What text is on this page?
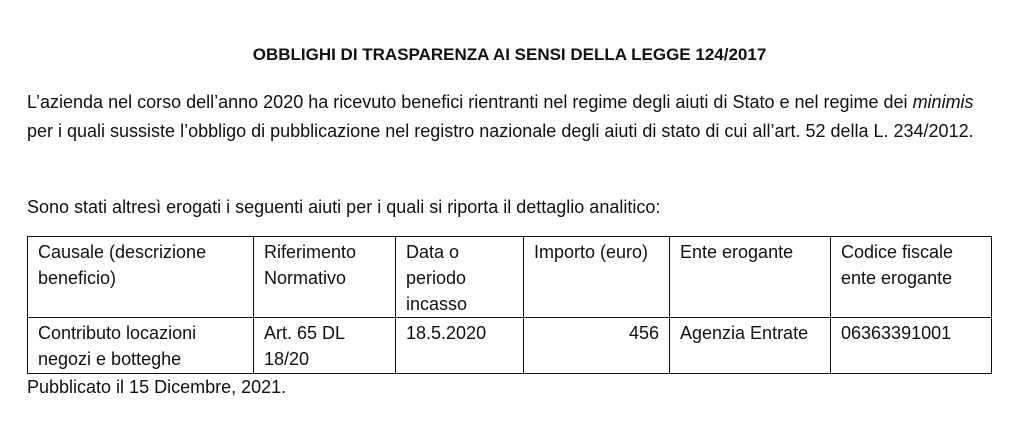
OBBLIGHI DI TRASPARENZA AI SENSI DELLA LEGGE 124/2017
L’azienda nel corso dell’anno 2020 ha ricevuto benefici rientranti nel regime degli aiuti di Stato e nel regime dei minimis per i quali sussiste l’obbligo di pubblicazione nel registro nazionale degli aiuti di stato di cui all’art. 52 della L. 234/2012.
Sono stati altresì erogati i seguenti aiuti per i quali si riporta il dettaglio analitico:
Causale (descrizione beneficio)	Riferimento Normativo	Data o periodo incasso	Importo (euro)	Ente erogante	Codice fiscale ente erogante
Contributo locazioni negozi e botteghe	Art. 65 DL 18/20	18.5.2020	456	Agenzia Entrate	06363391001
Pubblicato il 15 Dicembre, 2021.
